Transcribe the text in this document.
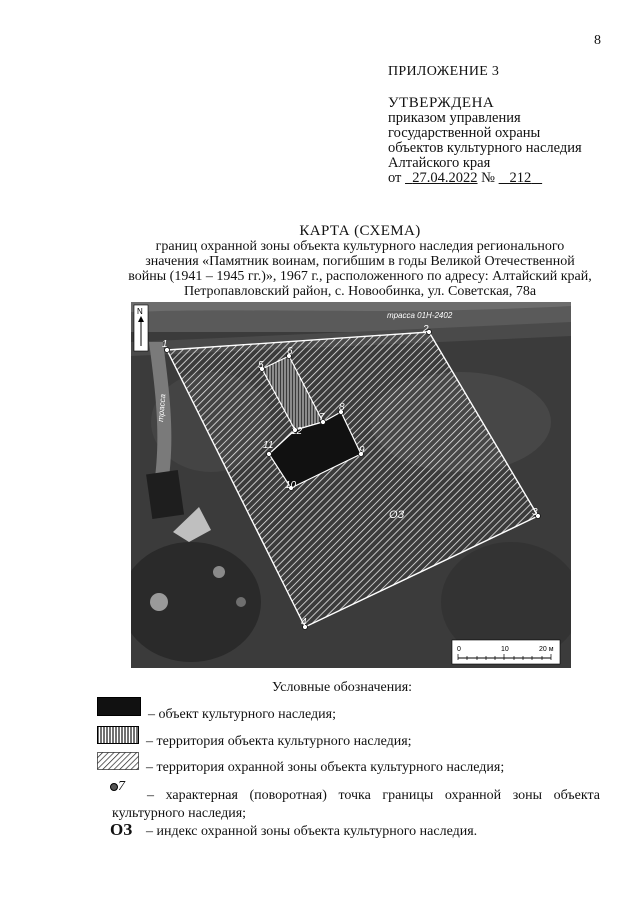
8
ПРИЛОЖЕНИЕ 3
УТВЕРЖДЕНА
приказом управления
государственной охраны
объектов культурного наследия
Алтайского края
от 27.04.2022 № 212
КАРТА (СХЕМА)
границ охранной зоны объекта культурного наследия регионального
значения «Памятник воинам, погибшим в годы Великой Отечественной
войны (1941 – 1945 гг.)», 1967 г., расположенного по адресу: Алтайский край,
Петропавловский район, с. Новообинка, ул. Советская, 78а
1
2
3
4
5
6
7
8
9
10
11
12
ОЗ
трасса 01Н-2402
трасса
N
0	10	20 м
Условные обозначения:
– объект культурного наследия;
– территория объекта культурного наследия;
– территория охранной зоны объекта культурного наследия;
7
– характерная (поворотная) точка границы охранной зоны объекта
культурного наследия;
ОЗ – индекс охранной зоны объекта культурного наследия.
